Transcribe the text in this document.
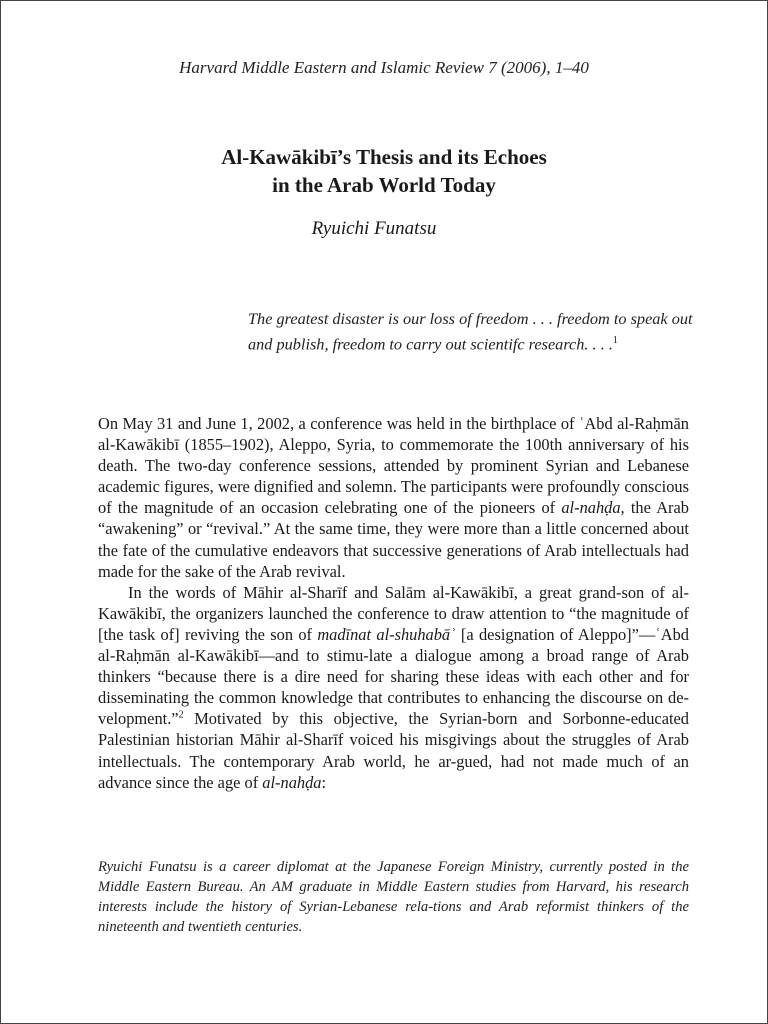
Harvard Middle Eastern and Islamic Review 7 (2006), 1–40
Al-Kawākibī’s Thesis and its Echoes
in the Arab World Today
Ryuichi Funatsu
The greatest disaster is our loss of freedom . . . freedom to speak out and publish, freedom to carry out scientifc research. . . .$^1$

On May 31 and June 1, 2002, a conference was held in the birthplace of ʿAbd al-Raḥmān al-Kawākibī (1855–1902), Aleppo, Syria, to commemorate the 100th anniversary of his death. The two-day conference sessions, attended by prominent Syrian and Lebanese academic figures, were dignified and solemn. The participants were profoundly conscious of the magnitude of an occasion celebrating one of the pioneers of al-nahḍa, the Arab “awakening” or “revival.” At the same time, they were more than a little concerned about the fate of the cumulative endeavors that successive generations of Arab intellectuals had made for the sake of the Arab revival.

In the words of Māhir al-Sharīf and Salām al-Kawākibī, a great grand-son of al-Kawākibī, the organizers launched the conference to draw attention to “the magnitude of [the task of] reviving the son of madīnat al-shuhabāʾ [a designation of Aleppo]”—ʿAbd al-Raḥmān al-Kawākibī—and to stimu-late a dialogue among a broad range of Arab thinkers “because there is a dire need for sharing these ideas with each other and for disseminating the common knowledge that contributes to enhancing the discourse on de-velopment.”$^2$ Motivated by this objective, the Syrian-born and Sorbonne-educated Palestinian historian Māhir al-Sharīf voiced his misgivings about the struggles of Arab intellectuals. The contemporary Arab world, he ar-gued, had not made much of an advance since the age of al-nahḍa:

Ryuichi Funatsu is a career diplomat at the Japanese Foreign Ministry, currently posted in the Middle Eastern Bureau. An AM graduate in Middle Eastern studies from Harvard, his research interests include the history of Syrian-Lebanese rela-tions and Arab reformist thinkers of the nineteenth and twentieth centuries.
